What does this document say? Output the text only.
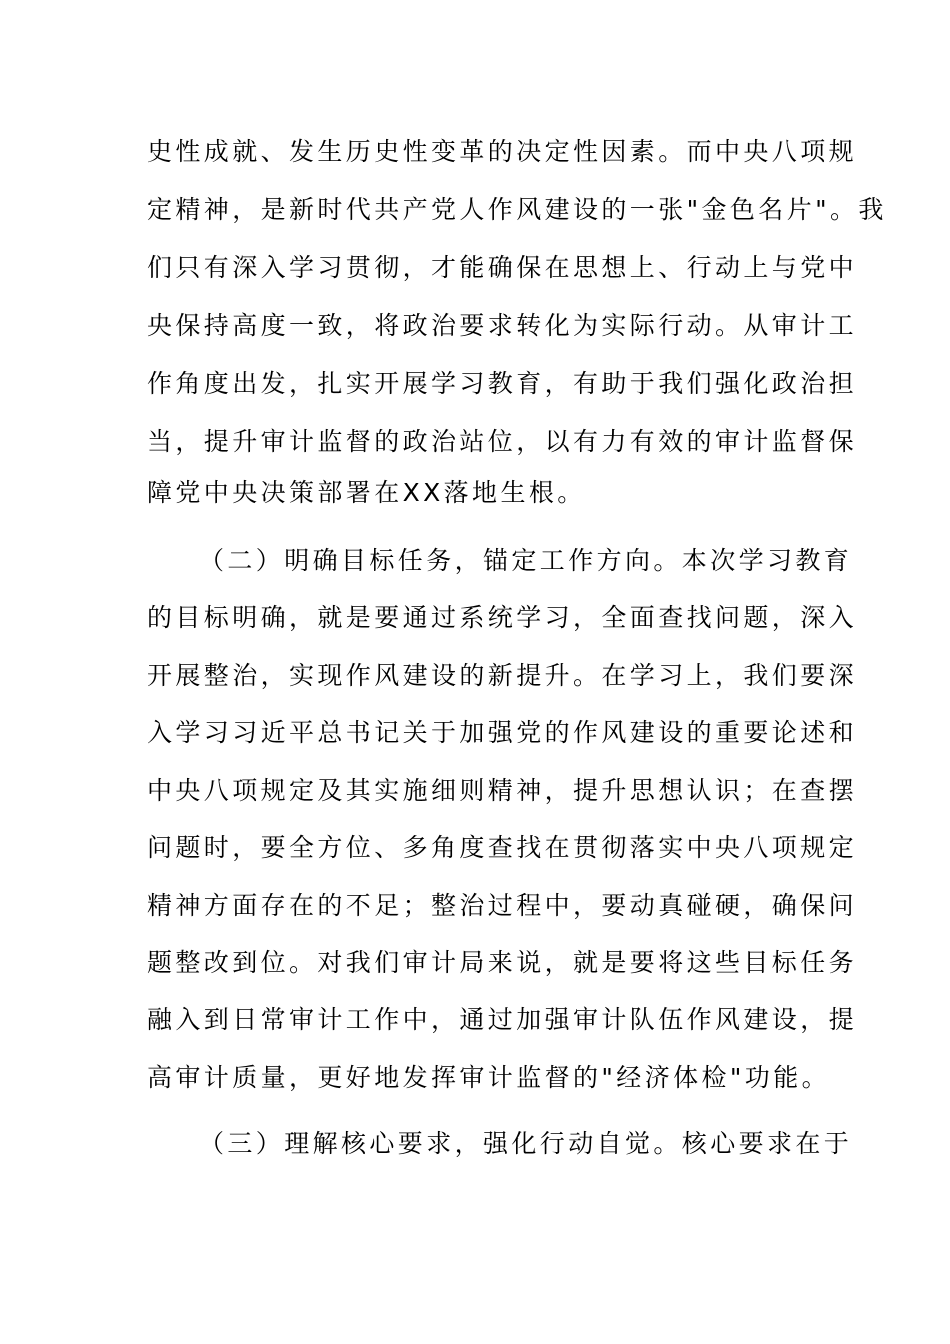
史性成就、发生历史性变革的决定性因素。而中央八项规
定精神，是新时代共产党人作风建设的一张"金色名片"。我
们只有深入学习贯彻，才能确保在思想上、行动上与党中
央保持高度一致，将政治要求转化为实际行动。从审计工
作角度出发，扎实开展学习教育，有助于我们强化政治担
当，提升审计监督的政治站位，以有力有效的审计监督保
障党中央决策部署在XX落地生根。
（二）明确目标任务，锚定工作方向。本次学习教育
的目标明确，就是要通过系统学习，全面查找问题，深入
开展整治，实现作风建设的新提升。在学习上，我们要深
入学习习近平总书记关于加强党的作风建设的重要论述和
中央八项规定及其实施细则精神，提升思想认识；在查摆
问题时，要全方位、多角度查找在贯彻落实中央八项规定
精神方面存在的不足；整治过程中，要动真碰硬，确保问
题整改到位。对我们审计局来说，就是要将这些目标任务
融入到日常审计工作中，通过加强审计队伍作风建设，提
高审计质量，更好地发挥审计监督的"经济体检"功能。
（三）理解核心要求，强化行动自觉。核心要求在于
